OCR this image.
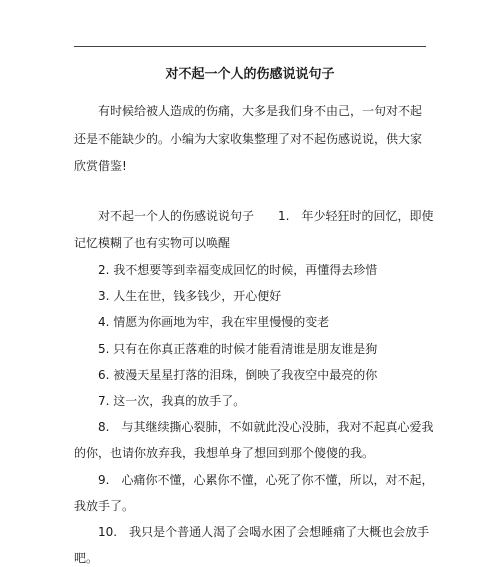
对不起一个人的伤感说说句子
有时候给被人造成的伤痛，大多是我们身不由己，一句对不起
还是不能缺少的。小编为大家收集整理了对不起伤感说说，供大家
欣赏借鉴!
对不起一个人的伤感说说句子　　1.　年少轻狂时的回忆，即使
记忆模糊了也有实物可以唤醒
2. 我不想要等到幸福变成回忆的时候，再懂得去珍惜
3. 人生在世，钱多钱少，开心便好
4. 情愿为你画地为牢，我在牢里慢慢的变老
5. 只有在你真正落难的时候才能看清谁是朋友谁是狗
6. 被漫天星星打落的泪珠，倒映了我夜空中最亮的你
7. 这一次，我真的放手了。
8.　与其继续撕心裂肺，不如就此没心没肺，我对不起真心爱我
的你，也请你放弃我，我想单身了想回到那个傻傻的我。
9.　心痛你不懂，心累你不懂，心死了你不懂，所以，对不起，
我放手了。
10.　我只是个普通人渴了会喝水困了会想睡痛了大概也会放手
吧。
